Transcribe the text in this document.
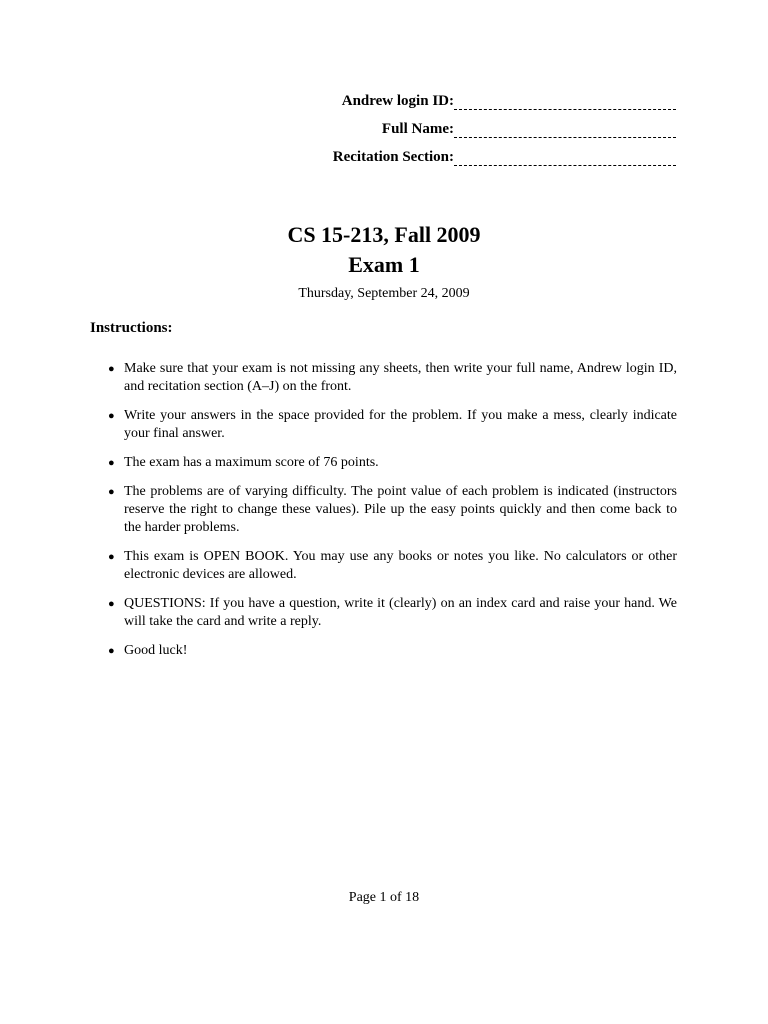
Andrew login ID:
Full Name:
Recitation Section:
CS 15-213, Fall 2009
Exam 1
Thursday, September 24, 2009
Instructions:
● Make sure that your exam is not missing any sheets, then write your full name, Andrew login ID, and recitation section (A–J) on the front.
● Write your answers in the space provided for the problem. If you make a mess, clearly indicate your final answer.
● The exam has a maximum score of 76 points.
● The problems are of varying difficulty. The point value of each problem is indicated (instructors reserve the right to change these values). Pile up the easy points quickly and then come back to the harder problems.
● This exam is OPEN BOOK. You may use any books or notes you like. No calculators or other electronic devices are allowed.
● QUESTIONS: If you have a question, write it (clearly) on an index card and raise your hand. We will take the card and write a reply.
● Good luck!
Page 1 of 18
